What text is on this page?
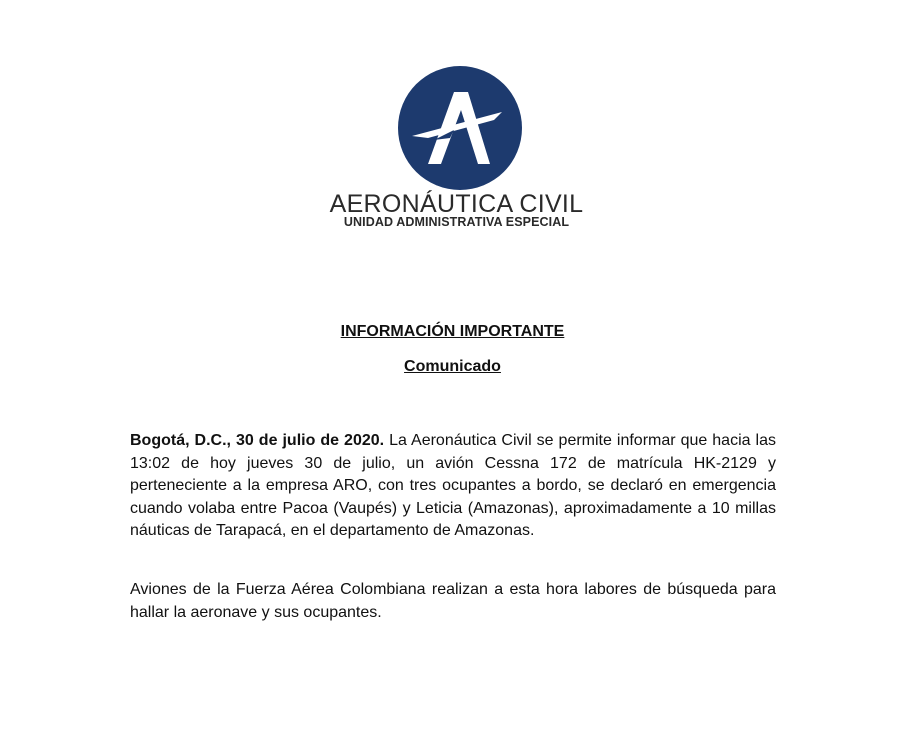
AERONÁUTICA CIVIL
UNIDAD ADMINISTRATIVA ESPECIAL
INFORMACIÓN IMPORTANTE
Comunicado
Bogotá, D.C., 30 de julio de 2020. La Aeronáutica Civil se permite informar que hacia las 13:02 de hoy jueves 30 de julio, un avión Cessna 172 de matrícula HK-2129 y perteneciente a la empresa ARO, con tres ocupantes a bordo, se declaró en emergencia cuando volaba entre Pacoa (Vaupés) y Leticia (Amazonas), aproximadamente a 10 millas náuticas de Tarapacá, en el departamento de Amazonas.
Aviones de la Fuerza Aérea Colombiana realizan a esta hora labores de búsqueda para hallar la aeronave y sus ocupantes.
